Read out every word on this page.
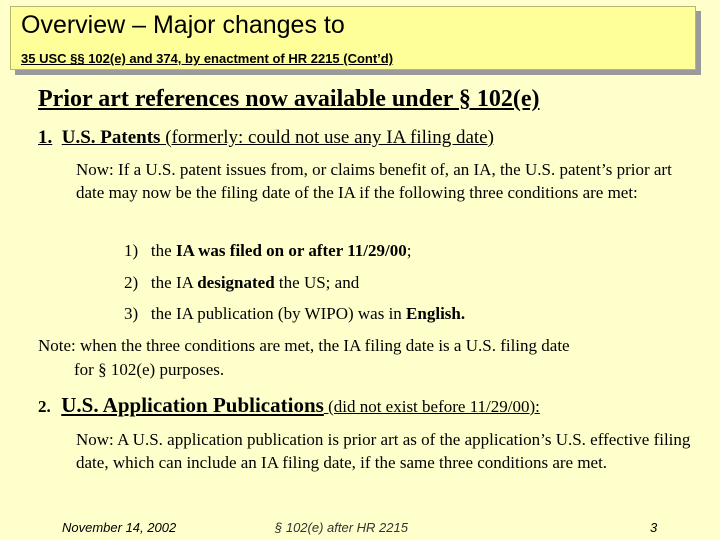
Overview – Major changes to
35 USC §§ 102(e) and 374, by enactment of HR 2215 (Cont’d)
Prior art references now available under § 102(e)
1. U.S. Patents (formerly: could not use any IA filing date)
Now: If a U.S. patent issues from, or claims benefit of, an IA, the U.S. patent’s prior art date may now be the filing date of the IA if the following three conditions are met:
1) the IA was filed on or after 11/29/00;
2) the IA designated the US; and
3) the IA publication (by WIPO) was in English.
Note: when the three conditions are met, the IA filing date is a U.S. filing date
for § 102(e) purposes.
2. U.S. Application Publications (did not exist before 11/29/00):
Now: A U.S. application publication is prior art as of the application’s U.S. effective filing date, which can include an IA filing date, if the same three conditions are met.
November 14, 2002	§ 102(e) after HR 2215	3
